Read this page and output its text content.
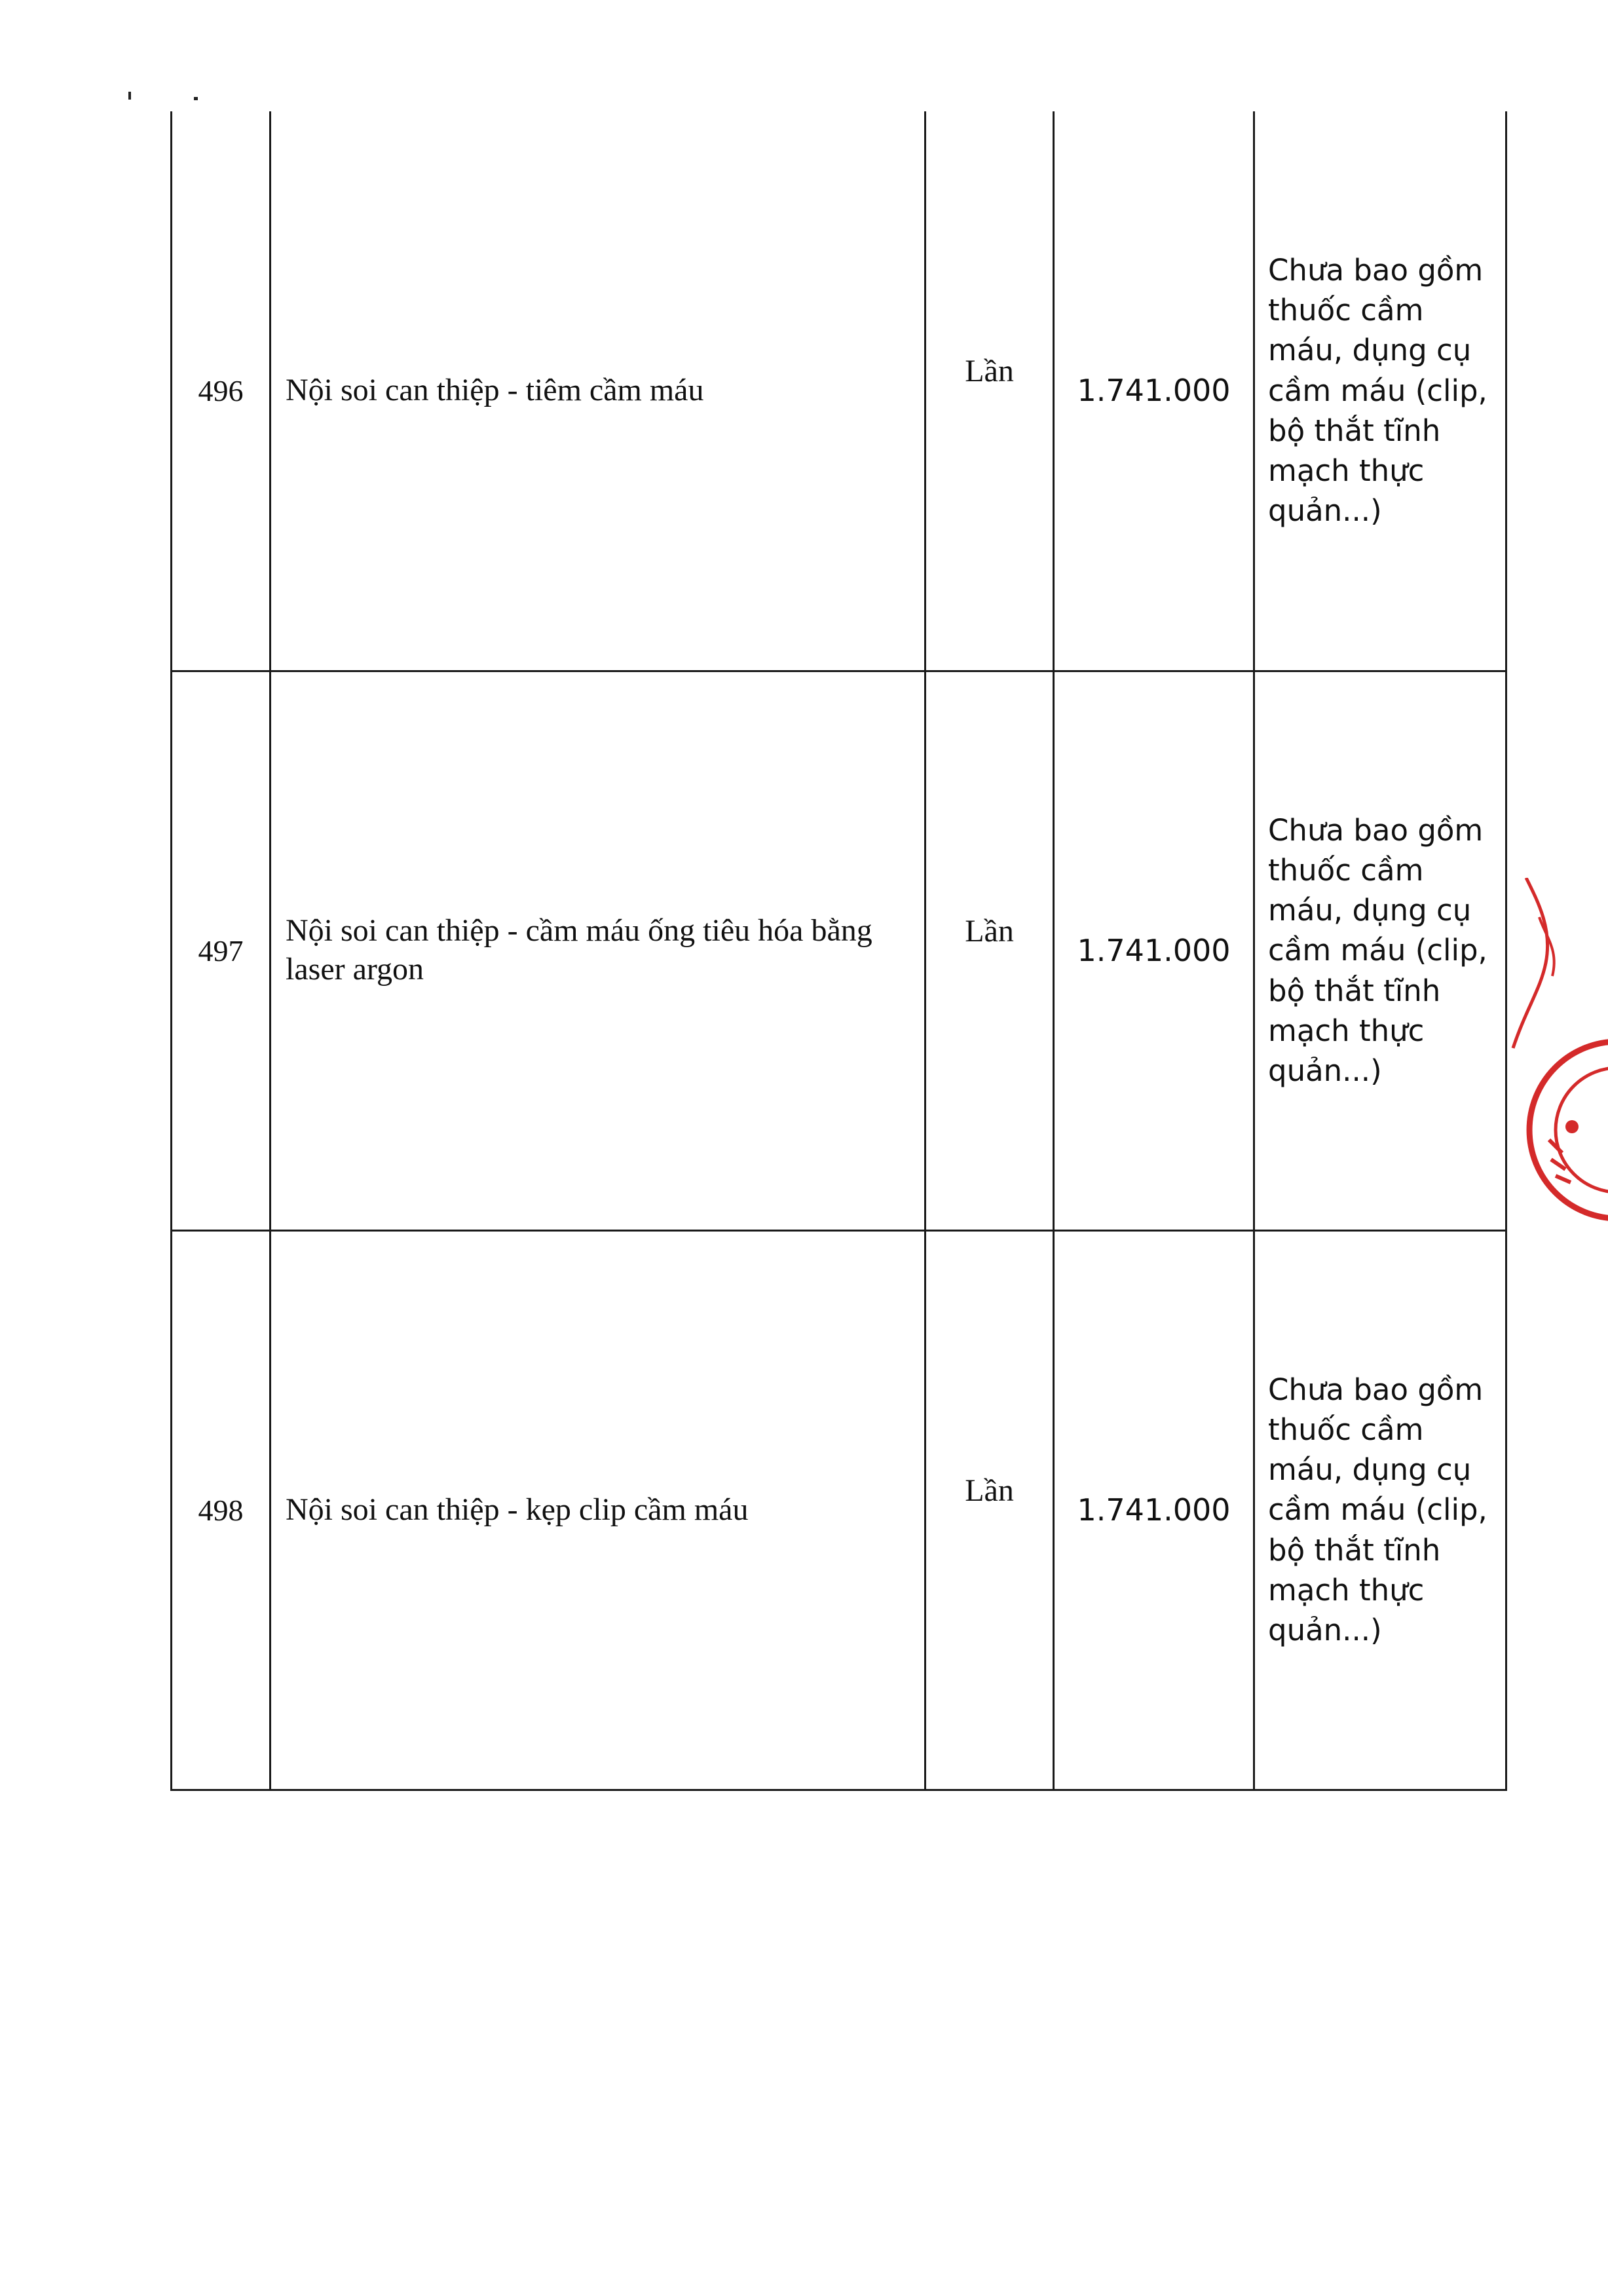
496	Nội soi can thiệp - tiêm cầm máu	Lần	1.741.000	Chưa bao gồm thuốc cầm máu, dụng cụ cầm máu (clip, bộ thắt tĩnh mạch thực quản...)
497	Nội soi can thiệp - cầm máu ống tiêu hóa bằng laser argon	Lần	1.741.000	Chưa bao gồm thuốc cầm máu, dụng cụ cầm máu (clip, bộ thắt tĩnh mạch thực quản...)
498	Nội soi can thiệp - kẹp clip cầm máu	Lần	1.741.000	Chưa bao gồm thuốc cầm máu, dụng cụ cầm máu (clip, bộ thắt tĩnh mạch thực quản...)
